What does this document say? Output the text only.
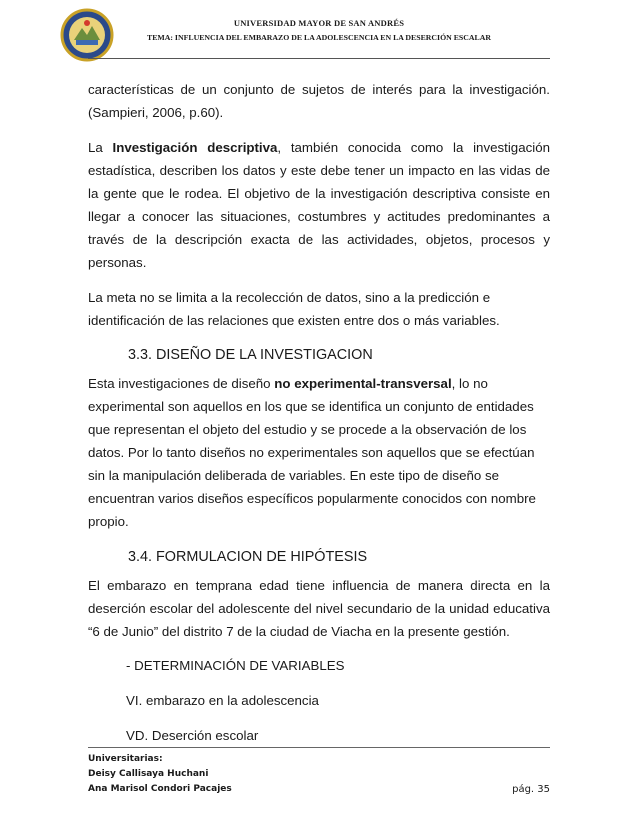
UNIVERSIDAD MAYOR DE SAN ANDRÉS
TEMA: INFLUENCIA DEL EMBARAZO DE LA ADOLESCENCIA EN LA DESERCIÓN ESCALAR

características de un conjunto de sujetos de interés para la investigación.

(Sampieri, 2006, p.60).

La Investigación descriptiva, también conocida como la investigación estadística, describen los datos y este debe tener un impacto en las vidas de la gente que le rodea. El objetivo de la investigación descriptiva consiste en llegar a conocer las situaciones, costumbres y actitudes predominantes a través de la descripción exacta de las actividades, objetos, procesos y personas.

La meta no se limita a la recolección de datos, sino a la predicción e identificación de las relaciones que existen entre dos o más variables.

3.3. DISEÑO DE LA INVESTIGACION

Esta investigaciones de diseño no experimental-transversal, lo no experimental son aquellos en los que se identifica un conjunto de entidades que representan el objeto del estudio y se procede a la observación de los datos. Por lo tanto diseños no experimentales son aquellos que se efectúan sin la manipulación deliberada de variables. En este tipo de diseño se encuentran varios diseños específicos popularmente conocidos con nombre propio.

3.4. FORMULACION DE HIPÓTESIS

El embarazo en temprana edad tiene influencia de manera directa en la deserción escolar del adolescente del nivel secundario de la unidad educativa “6 de Junio” del distrito 7 de la ciudad de Viacha en la presente gestión.

- DETERMINACIÓN DE VARIABLES
VI. embarazo en la adolescencia
VD. Deserción escolar
Universitarias:
Deisy Callisaya Huchani
Ana Marisol Condori Pacajes	pág. 35
